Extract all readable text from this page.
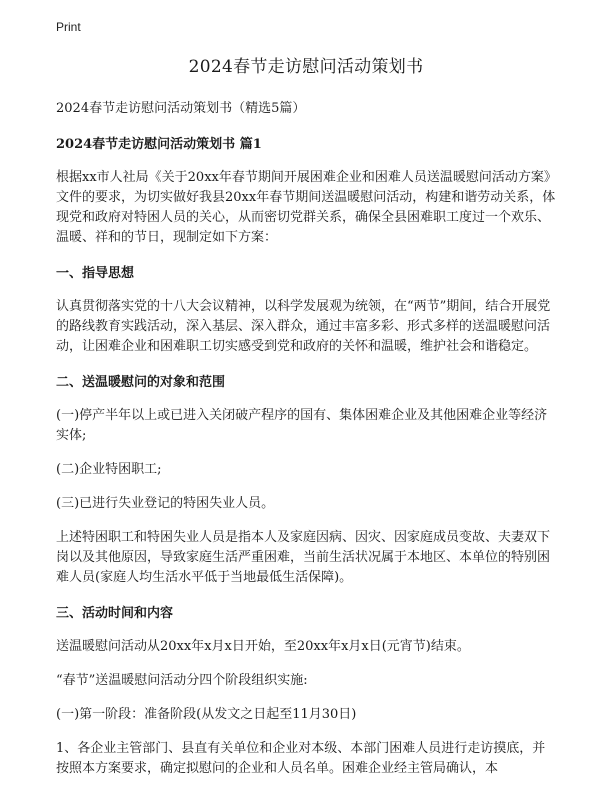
Print
2024春节走访慰问活动策划书

2024春节走访慰问活动策划书（精选5篇）

2024春节走访慰问活动策划书 篇1

根据xx市人社局《关于20xx年春节期间开展困难企业和困难人员送温暖慰问活动方案》文件的要求，为切实做好我县20xx年春节期间送温暖慰问活动，构建和谐劳动关系，体现党和政府对特困人员的关心，从而密切党群关系，确保全县困难职工度过一个欢乐、温暖、祥和的节日，现制定如下方案：

一、指导思想

认真贯彻落实党的十八大会议精神，以科学发展观为统领，在“两节”期间，结合开展党的路线教育实践活动，深入基层、深入群众，通过丰富多彩、形式多样的送温暖慰问活动，让困难企业和困难职工切实感受到党和政府的关怀和温暖，维护社会和谐稳定。

二、送温暖慰问的对象和范围

(一)停产半年以上或已进入关闭破产程序的国有、集体困难企业及其他困难企业等经济实体;

(二)企业特困职工;

(三)已进行失业登记的特困失业人员。

上述特困职工和特困失业人员是指本人及家庭因病、因灾、因家庭成员变故、夫妻双下岗以及其他原因，导致家庭生活严重困难，当前生活状况属于本地区、本单位的特别困难人员(家庭人均生活水平低于当地最低生活保障)。

三、活动时间和内容

送温暖慰问活动从20xx年x月x日开始，至20xx年x月x日(元宵节)结束。

“春节”送温暖慰问活动分四个阶段组织实施:

(一)第一阶段：准备阶段(从发文之日起至11月30日)

1、各企业主管部门、县直有关单位和企业对本级、本部门困难人员进行走访摸底，并按照本方案要求，确定拟慰问的企业和人员名单。困难企业经主管局确认，本
